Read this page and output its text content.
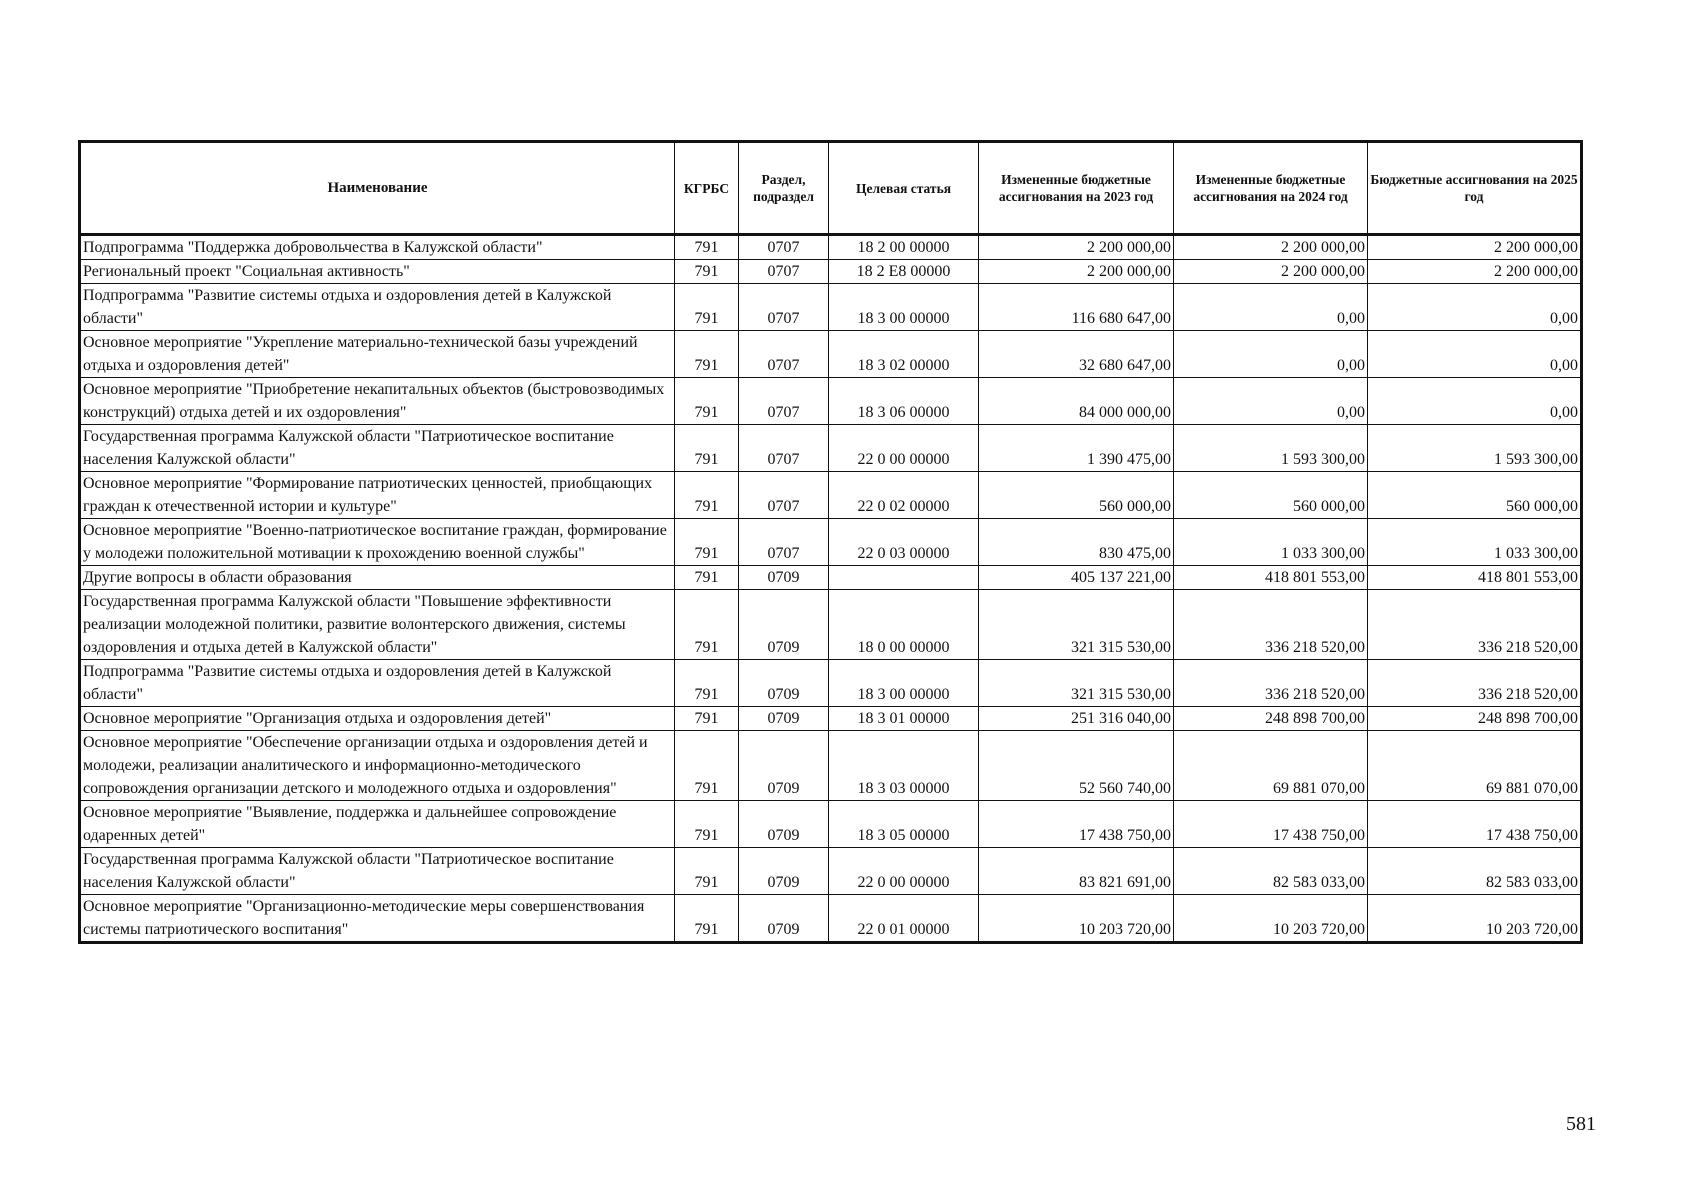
Наименование	КГРБС	Раздел, подраздел	Целевая статья	Измененные бюджетные ассигнования на 2023 год	Измененные бюджетные ассигнования на 2024 год	Бюджетные ассигнования на 2025 год
Подпрограмма "Поддержка добровольчества в Калужской области"	791	0707	18 2 00 00000	2 200 000,00	2 200 000,00	2 200 000,00
Региональный проект "Социальная активность"	791	0707	18 2 E8 00000	2 200 000,00	2 200 000,00	2 200 000,00
Подпрограмма "Развитие системы отдыха и оздоровления детей в Калужской области"	791	0707	18 3 00 00000	116 680 647,00	0,00	0,00
Основное мероприятие "Укрепление материально-технической базы учреждений отдыха и оздоровления детей"	791	0707	18 3 02 00000	32 680 647,00	0,00	0,00
Основное мероприятие "Приобретение некапитальных объектов (быстровозводимых конструкций) отдыха детей и их оздоровления"	791	0707	18 3 06 00000	84 000 000,00	0,00	0,00
Государственная программа Калужской области "Патриотическое воспитание населения Калужской области"	791	0707	22 0 00 00000	1 390 475,00	1 593 300,00	1 593 300,00
Основное мероприятие "Формирование патриотических ценностей, приобщающих граждан к отечественной истории и культуре"	791	0707	22 0 02 00000	560 000,00	560 000,00	560 000,00
Основное мероприятие "Военно-патриотическое воспитание граждан, формирование у молодежи положительной мотивации к прохождению военной службы"	791	0707	22 0 03 00000	830 475,00	1 033 300,00	1 033 300,00
Другие вопросы в области образования	791	0709		405 137 221,00	418 801 553,00	418 801 553,00
Государственная программа Калужской области "Повышение эффективности реализации молодежной политики, развитие волонтерского движения, системы оздоровления и отдыха детей в Калужской области"	791	0709	18 0 00 00000	321 315 530,00	336 218 520,00	336 218 520,00
Подпрограмма "Развитие системы отдыха и оздоровления детей в Калужской области"	791	0709	18 3 00 00000	321 315 530,00	336 218 520,00	336 218 520,00
Основное мероприятие "Организация отдыха и оздоровления детей"	791	0709	18 3 01 00000	251 316 040,00	248 898 700,00	248 898 700,00
Основное мероприятие "Обеспечение организации отдыха и оздоровления детей и молодежи, реализации аналитического и информационно-методического сопровождения организации детского и молодежного отдыха и оздоровления"	791	0709	18 3 03 00000	52 560 740,00	69 881 070,00	69 881 070,00
Основное мероприятие "Выявление, поддержка и дальнейшее сопровождение одаренных детей"	791	0709	18 3 05 00000	17 438 750,00	17 438 750,00	17 438 750,00
Государственная программа Калужской области "Патриотическое воспитание населения Калужской области"	791	0709	22 0 00 00000	83 821 691,00	82 583 033,00	82 583 033,00
Основное мероприятие "Организационно-методические меры совершенствования системы патриотического воспитания"	791	0709	22 0 01 00000	10 203 720,00	10 203 720,00	10 203 720,00
581
